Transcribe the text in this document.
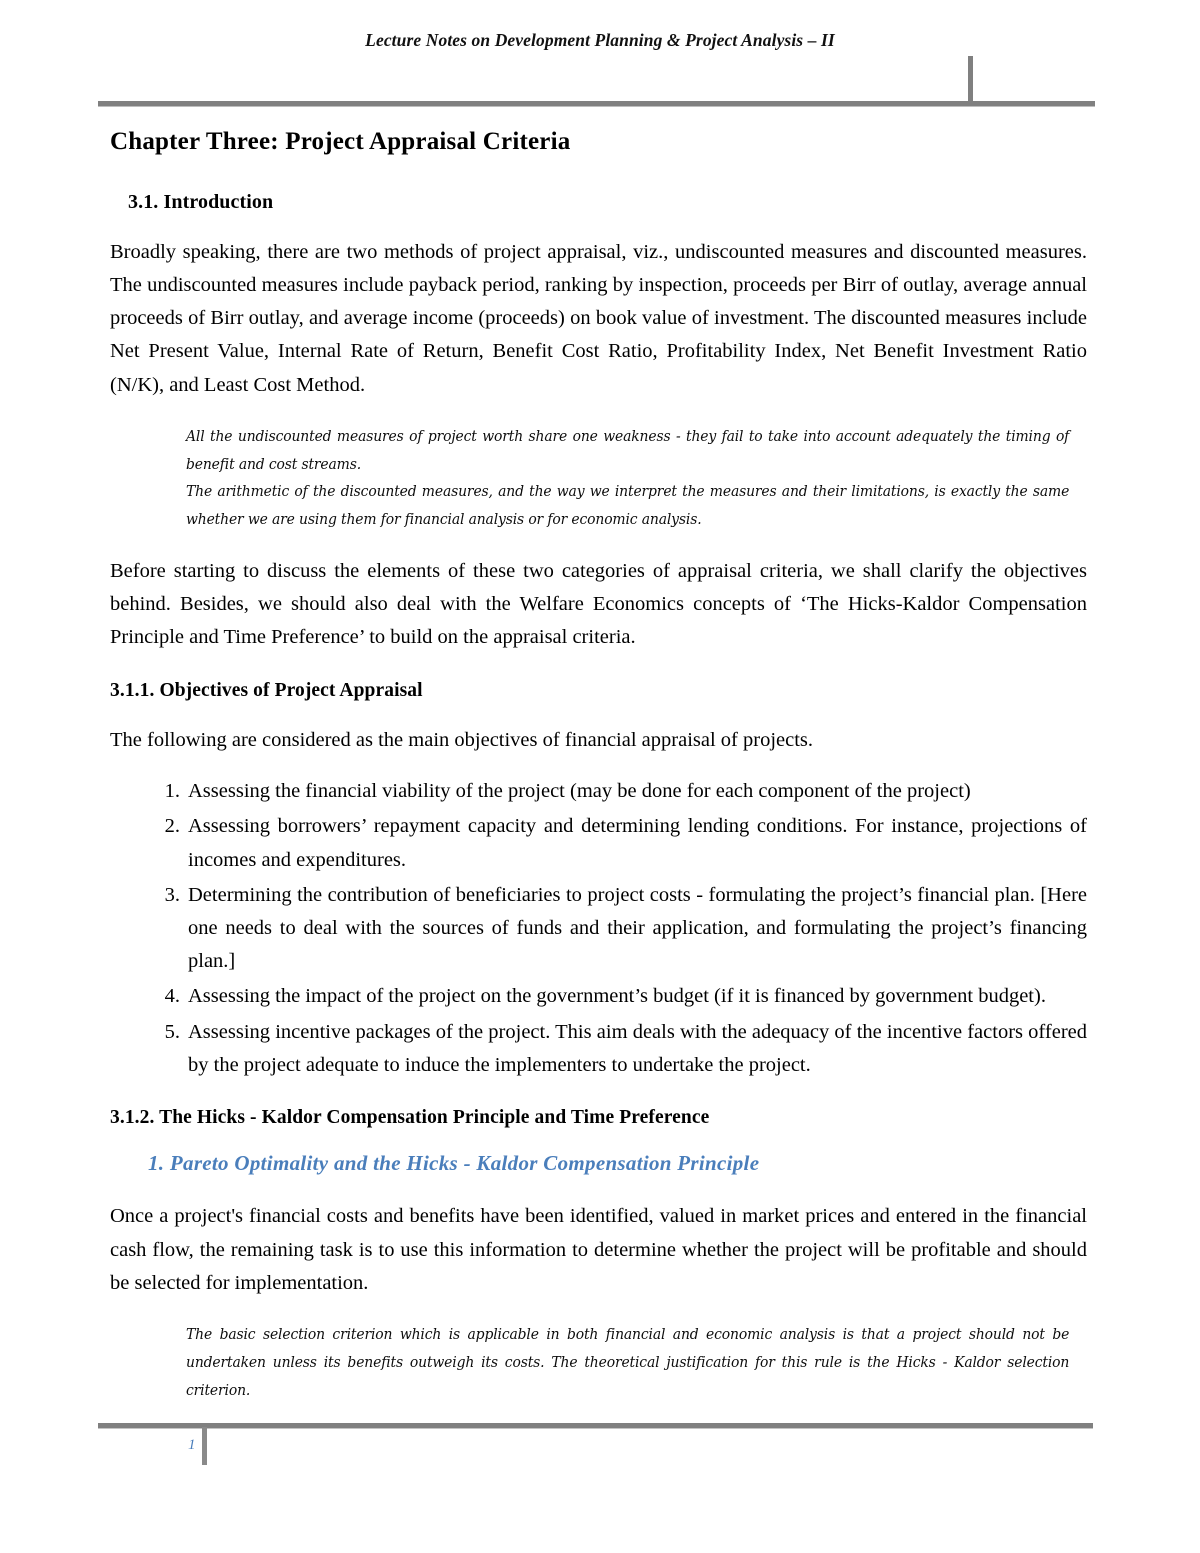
Lecture Notes on Development Planning & Project Analysis – II
Chapter Three: Project Appraisal Criteria
3.1. Introduction

Broadly speaking, there are two methods of project appraisal, viz., undiscounted measures and discounted measures. The undiscounted measures include payback period, ranking by inspection, proceeds per Birr of outlay, average annual proceeds of Birr outlay, and average income (proceeds) on book value of investment. The discounted measures include Net Present Value, Internal Rate of Return, Benefit Cost Ratio, Profitability Index, Net Benefit Investment Ratio (N/K), and Least Cost Method.

All the undiscounted measures of project worth share one weakness - they fail to take into account adequately the timing of benefit and cost streams.
The arithmetic of the discounted measures, and the way we interpret the measures and their limitations, is exactly the same whether we are using them for financial analysis or for economic analysis.

Before starting to discuss the elements of these two categories of appraisal criteria, we shall clarify the objectives behind. Besides, we should also deal with the Welfare Economics concepts of ‘The Hicks-Kaldor Compensation Principle and Time Preference’ to build on the appraisal criteria.

3.1.1. Objectives of Project Appraisal

The following are considered as the main objectives of financial appraisal of projects.

1. Assessing the financial viability of the project (may be done for each component of the project)
2. Assessing borrowers’ repayment capacity and determining lending conditions. For instance, projections of incomes and expenditures.
3. Determining the contribution of beneficiaries to project costs - formulating the project’s financial plan. [Here one needs to deal with the sources of funds and their application, and formulating the project’s financing plan.]
4. Assessing the impact of the project on the government’s budget (if it is financed by government budget).
5. Assessing incentive packages of the project. This aim deals with the adequacy of the incentive factors offered by the project adequate to induce the implementers to undertake the project.
3.1.2. The Hicks - Kaldor Compensation Principle and Time Preference
1. Pareto Optimality and the Hicks - Kaldor Compensation Principle

Once a project's financial costs and benefits have been identified, valued in market prices and entered in the financial cash flow, the remaining task is to use this information to determine whether the project will be profitable and should be selected for implementation.

The basic selection criterion which is applicable in both financial and economic analysis is that a project should not be undertaken unless its benefits outweigh its costs. The theoretical justification for this rule is the Hicks - Kaldor selection criterion.
1
